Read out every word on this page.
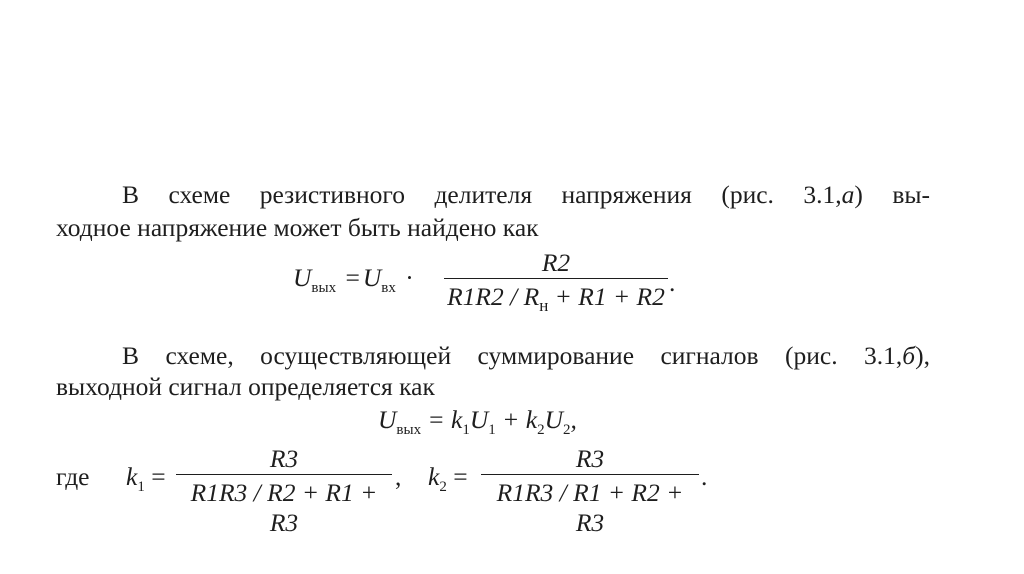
В схеме резистивного делителя напряжения (рис. 3.1,а) вы-
ходное напряжение может быть найдено как
$U_{вых} = U_{вх}$ ·
R2
$R1R2 / R_н + R1 + R2$ .
В схеме, осуществляющей суммирование сигналов (рис. 3.1,б),
выходной сигнал определяется как
$U_{вых} = k_1U_1 + k_2U_2$,
где $k_1$ =
R3
R1R3 / R2 + R1 + R3
, $k_2$ =
R3
R1R3 / R1 + R2 + R3
.
